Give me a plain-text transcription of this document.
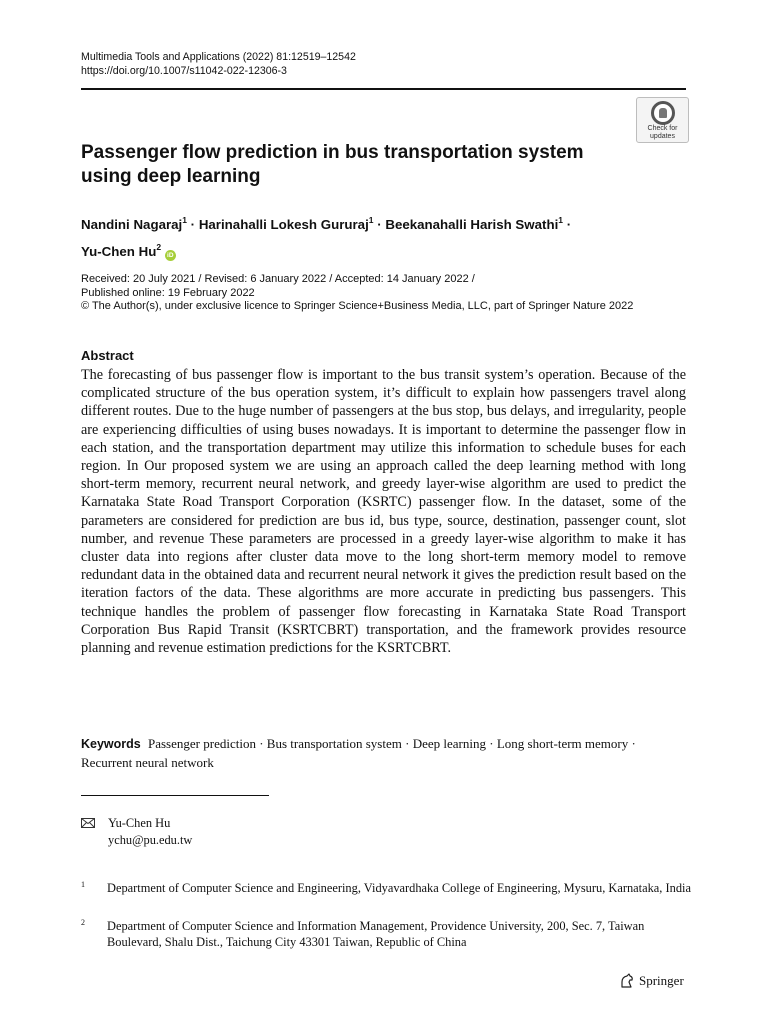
Multimedia Tools and Applications (2022) 81:12519–12542
https://doi.org/10.1007/s11042-022-12306-3
Check for
updates
Passenger flow prediction in bus transportation system using deep learning
Nandini Nagaraj$^1$ · Harinahalli Lokesh Gururaj$^1$ · Beekanahalli Harish Swathi$^1$ ·
Yu-Chen Hu$^2$ iD
Received: 20 July 2021 / Revised: 6 January 2022 / Accepted: 14 January 2022 /
Published online: 19 February 2022
© The Author(s), under exclusive licence to Springer Science+Business Media, LLC, part of Springer Nature 2022
Abstract
The forecasting of bus passenger flow is important to the bus transit system’s operation. Because of the complicated structure of the bus operation system, it’s difficult to explain how passengers travel along different routes. Due to the huge number of passengers at the bus stop, bus delays, and irregularity, people are experiencing difficulties of using buses nowadays. It is important to determine the passenger flow in each station, and the transportation department may utilize this information to schedule buses for each region. In Our proposed system we are using an approach called the deep learning method with long short-term memory, recurrent neural network, and greedy layer-wise algorithm are used to predict the Karnataka State Road Transport Corporation (KSRTC) passenger flow. In the dataset, some of the parameters are considered for prediction are bus id, bus type, source, destination, passenger count, slot number, and revenue These parameters are processed in a greedy layer-wise algorithm to make it has cluster data into regions after cluster data move to the long short-term memory model to remove redundant data in the obtained data and recurrent neural network it gives the prediction result based on the iteration factors of the data. These algorithms are more accurate in predicting bus passengers. This technique handles the problem of passenger flow forecasting in Karnataka State Road Transport Corporation Bus Rapid Transit (KSRTCBRT) transportation, and the framework provides resource planning and revenue estimation predictions for the KSRTCBRT.
Keywords Passenger prediction · Bus transportation system · Deep learning · Long short-term memory · Recurrent neural network
Yu-Chen Hu
ychu@pu.edu.tw
1 Department of Computer Science and Engineering, Vidyavardhaka College of Engineering, Mysuru, Karnataka, India
2 Department of Computer Science and Information Management, Providence University, 200, Sec. 7, Taiwan Boulevard, Shalu Dist., Taichung City 43301 Taiwan, Republic of China
Springer
